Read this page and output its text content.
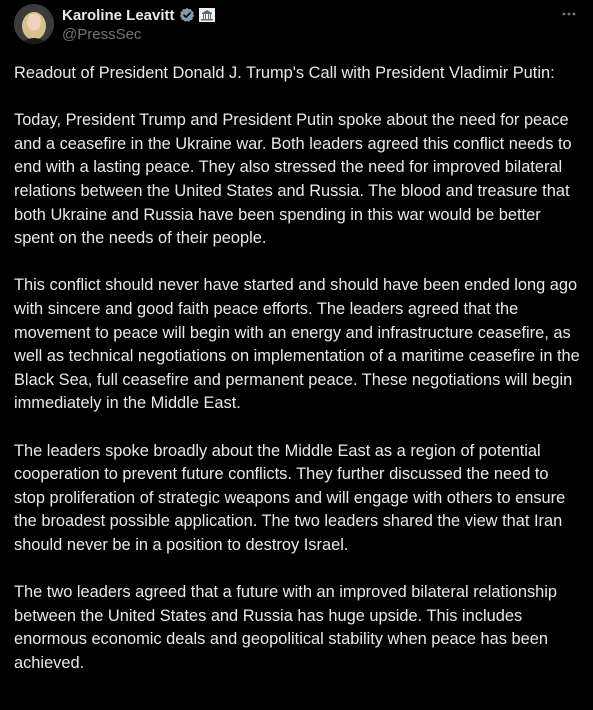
Karoline Leavitt
@PressSec

Readout of President Donald J. Trump's Call with President Vladimir Putin:

Today, President Trump and President Putin spoke about the need for peace and a ceasefire in the Ukraine war. Both leaders agreed this conflict needs to end with a lasting peace. They also stressed the need for improved bilateral relations between the United States and Russia. The blood and treasure that both Ukraine and Russia have been spending in this war would be better spent on the needs of their people.

This conflict should never have started and should have been ended long ago with sincere and good faith peace efforts. The leaders agreed that the movement to peace will begin with an energy and infrastructure ceasefire, as well as technical negotiations on implementation of a maritime ceasefire in the Black Sea, full ceasefire and permanent peace. These negotiations will begin immediately in the Middle East.

The leaders spoke broadly about the Middle East as a region of potential cooperation to prevent future conflicts. They further discussed the need to stop proliferation of strategic weapons and will engage with others to ensure the broadest possible application. The two leaders shared the view that Iran should never be in a position to destroy Israel.

The two leaders agreed that a future with an improved bilateral relationship between the United States and Russia has huge upside. This includes enormous economic deals and geopolitical stability when peace has been achieved.
